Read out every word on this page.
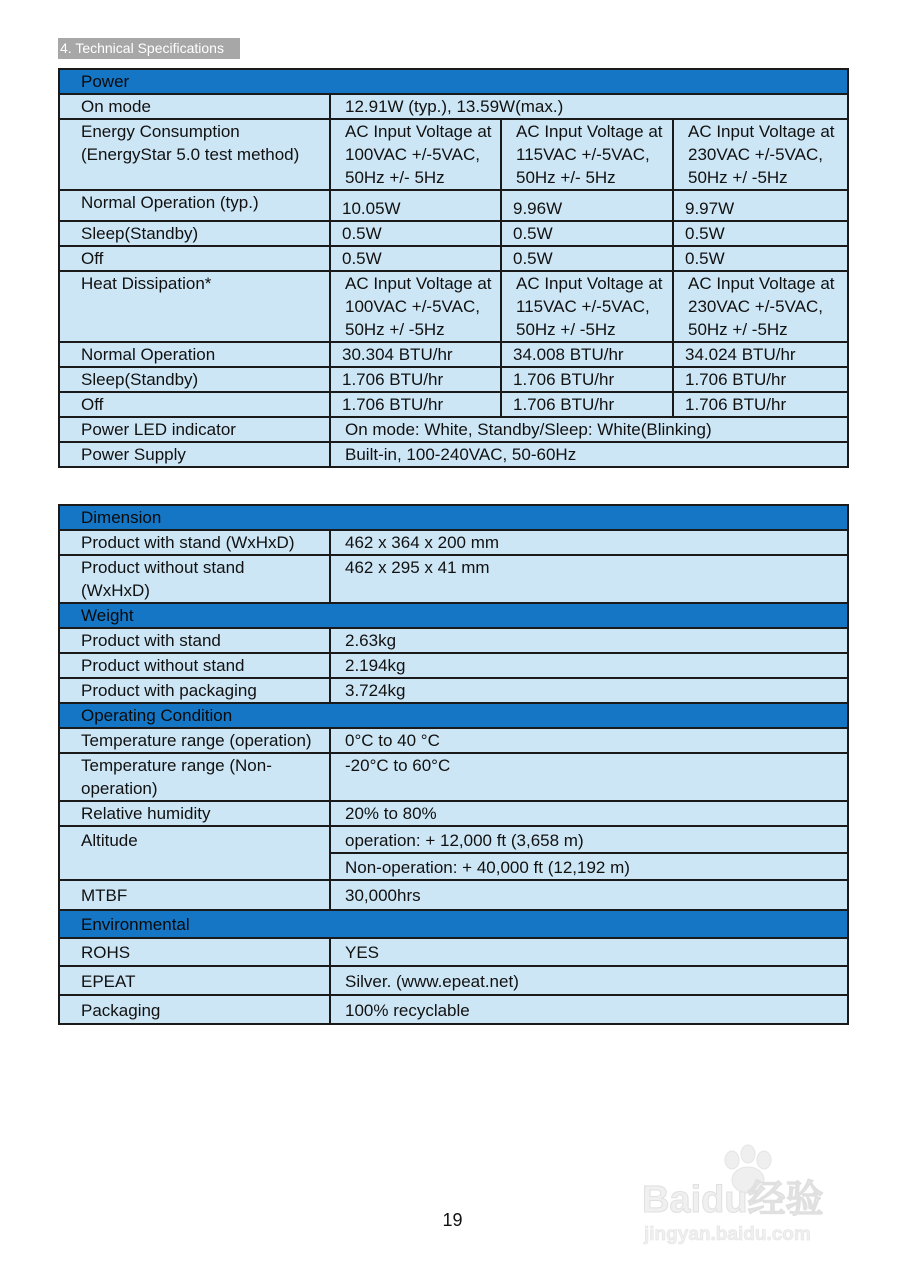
4. Technical Specifications
Power			
On mode	12.91W (typ.), 13.59W(max.)		
Energy Consumption
(EnergyStar 5.0 test method)	AC Input Voltage at
100VAC +/-5VAC,
50Hz +/- 5Hz	AC Input Voltage at
115VAC +/-5VAC,
50Hz +/- 5Hz	AC Input Voltage at
230VAC +/-5VAC,
50Hz +/ -5Hz
Normal Operation (typ.)	10.05W	9.96W	9.97W
Sleep(Standby)	0.5W	0.5W	0.5W
Off	0.5W	0.5W	0.5W
Heat Dissipation*	AC Input Voltage at
100VAC +/-5VAC,
50Hz +/ -5Hz	AC Input Voltage at
115VAC +/-5VAC,
50Hz +/ -5Hz	AC Input Voltage at
230VAC +/-5VAC,
50Hz +/ -5Hz
Normal Operation	30.304 BTU/hr	34.008 BTU/hr	34.024 BTU/hr
Sleep(Standby)	1.706 BTU/hr	1.706 BTU/hr	1.706 BTU/hr
Off	1.706 BTU/hr	1.706 BTU/hr	1.706 BTU/hr
Power LED indicator	On mode: White, Standby/Sleep: White(Blinking)		
Power Supply	Built-in, 100-240VAC, 50-60Hz		
Dimension	
Product with stand (WxHxD)	462 x 364 x 200 mm
Product without stand
(WxHxD)	462 x 295 x 41 mm
Weight	
Product with stand	2.63kg
Product without stand	2.194kg
Product with packaging	3.724kg
Operating Condition	
Temperature range (operation)	0°C to 40 °C
Temperature range (Non-
operation)	-20°C to 60°C
Relative humidity	20% to 80%
Altitude	operation: + 12,000 ft (3,658 m)
	Non-operation: + 40,000 ft (12,192 m)
MTBF	30,000hrs
Environmental	
ROHS	YES
EPEAT	Silver. (www.epeat.net)
Packaging	100% recyclable
Baidu经验
jingyan.baidu.com
19
